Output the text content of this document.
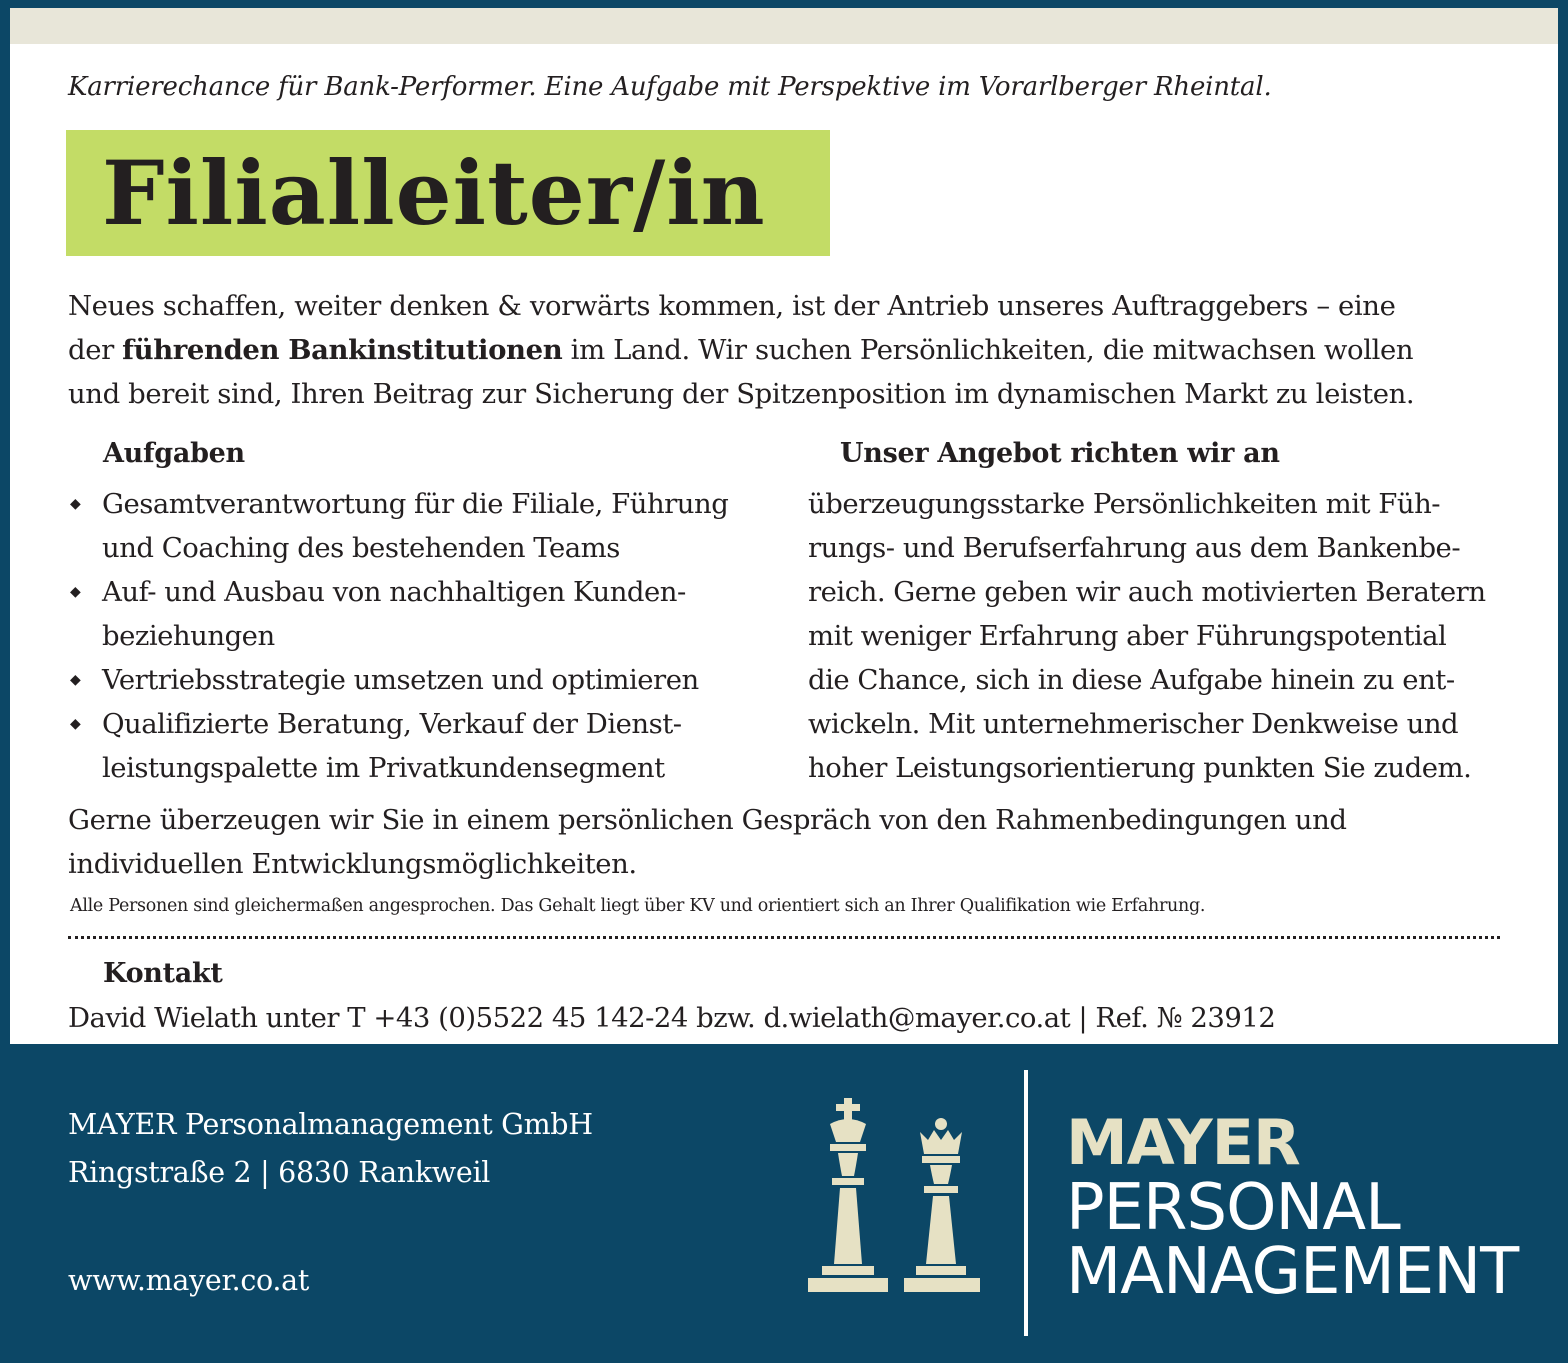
Karrierechance für Bank-Performer. Eine Aufgabe mit Perspektive im Vorarlberger Rheintal.
Filialleiter/in
Neues schaffen, weiter denken & vorwärts kommen, ist der Antrieb unseres Auftraggebers – eine
der führenden Bankinstitutionen im Land. Wir suchen Persönlichkeiten, die mitwachsen wollen
und bereit sind, Ihren Beitrag zur Sicherung der Spitzenposition im dynamischen Markt zu leisten.
Aufgaben	Unser Angebot richten wir an
◆ Gesamtverantwortung für die Filiale, Führung
und Coaching des bestehenden Teams
◆ Auf- und Ausbau von nachhaltigen Kunden-
beziehungen
◆ Vertriebsstrategie umsetzen und optimieren
◆ Qualifizierte Beratung, Verkauf der Dienst-
leistungspalette im Privatkundensegment
überzeugungsstarke Persönlichkeiten mit Füh-
rungs- und Berufserfahrung aus dem Bankenbe-
reich. Gerne geben wir auch motivierten Beratern
mit weniger Erfahrung aber Führungspotential
die Chance, sich in diese Aufgabe hinein zu ent-
wickeln. Mit unternehmerischer Denkweise und
hoher Leistungsorientierung punkten Sie zudem.
Gerne überzeugen wir Sie in einem persönlichen Gespräch von den Rahmenbedingungen und
individuellen Entwicklungsmöglichkeiten.
Alle Personen sind gleichermaßen angesprochen. Das Gehalt liegt über KV und orientiert sich an Ihrer Qualifikation wie Erfahrung.
Kontakt
David Wielath unter T +43 (0)5522 45 142-24 bzw. d.wielath@mayer.co.at | Ref. № 23912
MAYER Personalmanagement GmbH
Ringstraße 2 | 6830 Rankweil
www.mayer.co.at
MAYER
PERSONAL
MANAGEMENT
